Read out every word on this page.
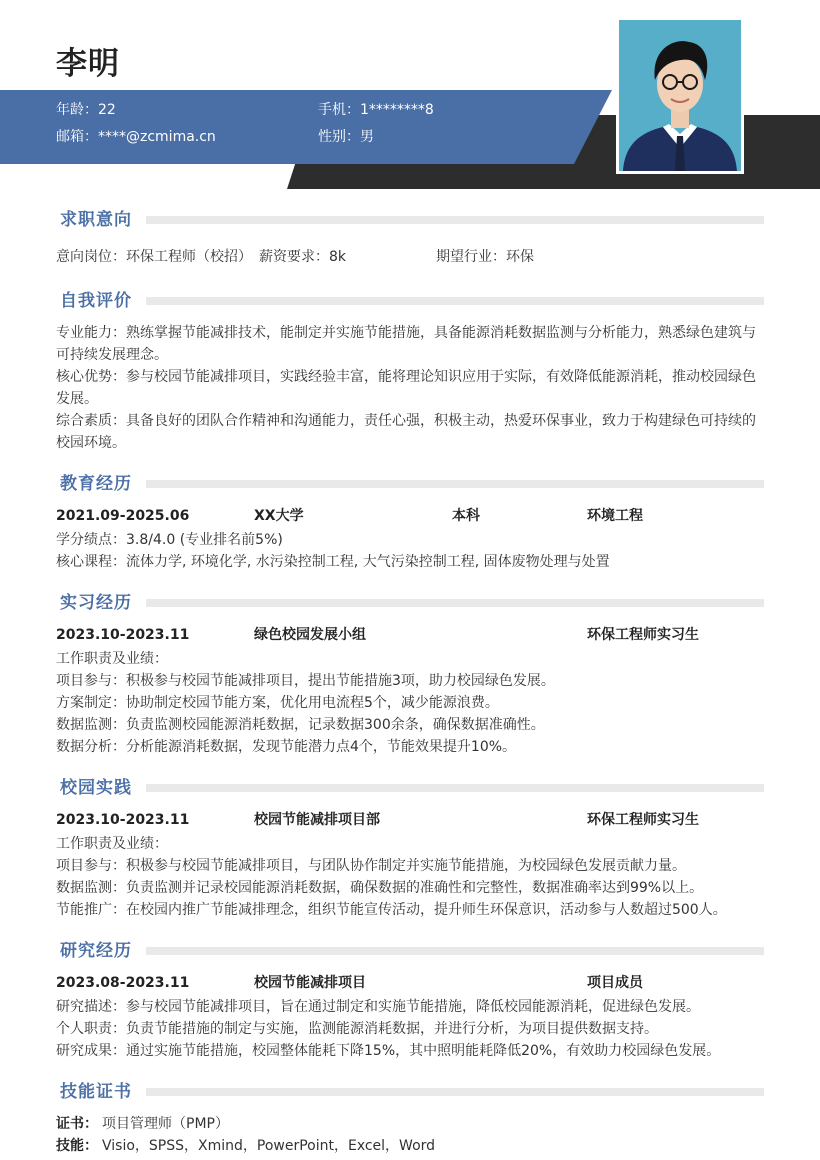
李明
年龄：22	手机：1********8
邮箱：****@zcmima.cn	性别：男
求职意向
意向岗位：环保工程师（校招） 薪资要求：8k	期望行业：环保
自我评价
专业能力：熟练掌握节能减排技术，能制定并实施节能措施，具备能源消耗数据监测与分析能力，熟悉绿色建筑与可持续发展理念。
核心优势：参与校园节能减排项目，实践经验丰富，能将理论知识应用于实际，有效降低能源消耗，推动校园绿色发展。
综合素质：具备良好的团队合作精神和沟通能力，责任心强，积极主动，热爱环保事业，致力于构建绿色可持续的校园环境。
教育经历
2021.09-2025.06	XX大学	本科	环境工程
学分绩点：3.8/4.0 (专业排名前5%)
核心课程：流体力学, 环境化学, 水污染控制工程, 大气污染控制工程, 固体废物处理与处置
实习经历
2023.10-2023.11	绿色校园发展小组	环保工程师实习生
工作职责及业绩：
项目参与：积极参与校园节能减排项目，提出节能措施3项，助力校园绿色发展。
方案制定：协助制定校园节能方案，优化用电流程5个，减少能源浪费。
数据监测：负责监测校园能源消耗数据，记录数据300余条，确保数据准确性。
数据分析：分析能源消耗数据，发现节能潜力点4个，节能效果提升10%。
校园实践
2023.10-2023.11	校园节能减排项目部	环保工程师实习生
工作职责及业绩：
项目参与：积极参与校园节能减排项目，与团队协作制定并实施节能措施，为校园绿色发展贡献力量。
数据监测：负责监测并记录校园能源消耗数据，确保数据的准确性和完整性，数据准确率达到99%以上。
节能推广：在校园内推广节能减排理念，组织节能宣传活动，提升师生环保意识，活动参与人数超过500人。
研究经历
2023.08-2023.11	校园节能减排项目	项目成员
研究描述：参与校园节能减排项目，旨在通过制定和实施节能措施，降低校园能源消耗，促进绿色发展。
个人职责：负责节能措施的制定与实施，监测能源消耗数据，并进行分析，为项目提供数据支持。
研究成果：通过实施节能措施，校园整体能耗下降15%，其中照明能耗降低20%，有效助力校园绿色发展。
技能证书
证书： 项目管理师（PMP）
技能： Visio，SPSS，Xmind，PowerPoint，Excel，Word
